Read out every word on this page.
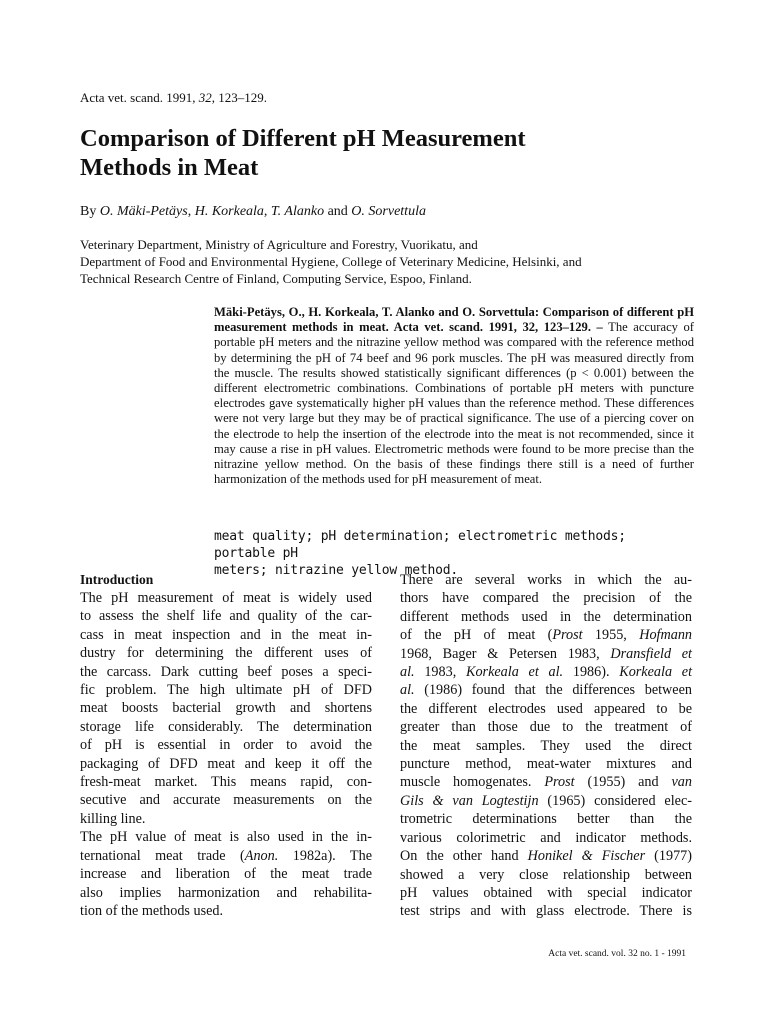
Acta vet. scand. 1991, 32, 123–129.
Comparison of Different pH Measurement
Methods in Meat
By O. Mäki-Petäys, H. Korkeala, T. Alanko and O. Sorvettula
Veterinary Department, Ministry of Agriculture and Forestry, Vuorikatu, and
Department of Food and Environmental Hygiene, College of Veterinary Medicine, Helsinki, and
Technical Research Centre of Finland, Computing Service, Espoo, Finland.
Mäki-Petäys, O., H. Korkeala, T. Alanko and O. Sorvettula: Comparison of different pH measurement methods in meat. Acta vet. scand. 1991, 32, 123–129. – The accuracy of portable pH meters and the nitrazine yellow method was compared with the reference method by determining the pH of 74 beef and 96 pork muscles. The pH was measured directly from the muscle. The results showed statistically significant differences (p < 0.001) between the different electrometric combinations. Combinations of portable pH meters with puncture electrodes gave systematically higher pH values than the reference method. These differences were not very large but they may be of practical significance. The use of a piercing cover on the electrode to help the insertion of the electrode into the meat is not recommended, since it may cause a rise in pH values. Electrometric methods were found to be more precise than the nitrazine yellow method. On the basis of these findings there still is a need of further harmonization of the methods used for pH measurement of meat.
meat quality; pH determination; electrometric methods; portable pH
meters; nitrazine yellow method.
Introduction
The pH measurement of meat is widely used
to assess the shelf life and quality of the car-
cass in meat inspection and in the meat in-
dustry for determining the different uses of
the carcass. Dark cutting beef poses a speci-
fic problem. The high ultimate pH of DFD
meat boosts bacterial growth and shortens
storage life considerably. The determination
of pH is essential in order to avoid the
packaging of DFD meat and keep it off the
fresh-meat market. This means rapid, con-
secutive and accurate measurements on the
killing line.
The pH value of meat is also used in the in-
ternational meat trade (Anon. 1982a). The
increase and liberation of the meat trade
also implies harmonization and rehabilita-
tion of the methods used.
There are several works in which the au-
thors have compared the precision of the
different methods used in the determination
of the pH of meat (Prost 1955, Hofmann
1968, Bager & Petersen 1983, Dransfield et
al. 1983, Korkeala et al. 1986). Korkeala et
al. (1986) found that the differences between
the different electrodes used appeared to be
greater than those due to the treatment of
the meat samples. They used the direct
puncture method, meat-water mixtures and
muscle homogenates. Prost (1955) and van
Gils & van Logtestijn (1965) considered elec-
trometric determinations better than the
various colorimetric and indicator methods.
On the other hand Honikel & Fischer (1977)
showed a very close relationship between
pH values obtained with special indicator
test strips and with glass electrode. There is
Acta vet. scand. vol. 32 no. 1 - 1991
